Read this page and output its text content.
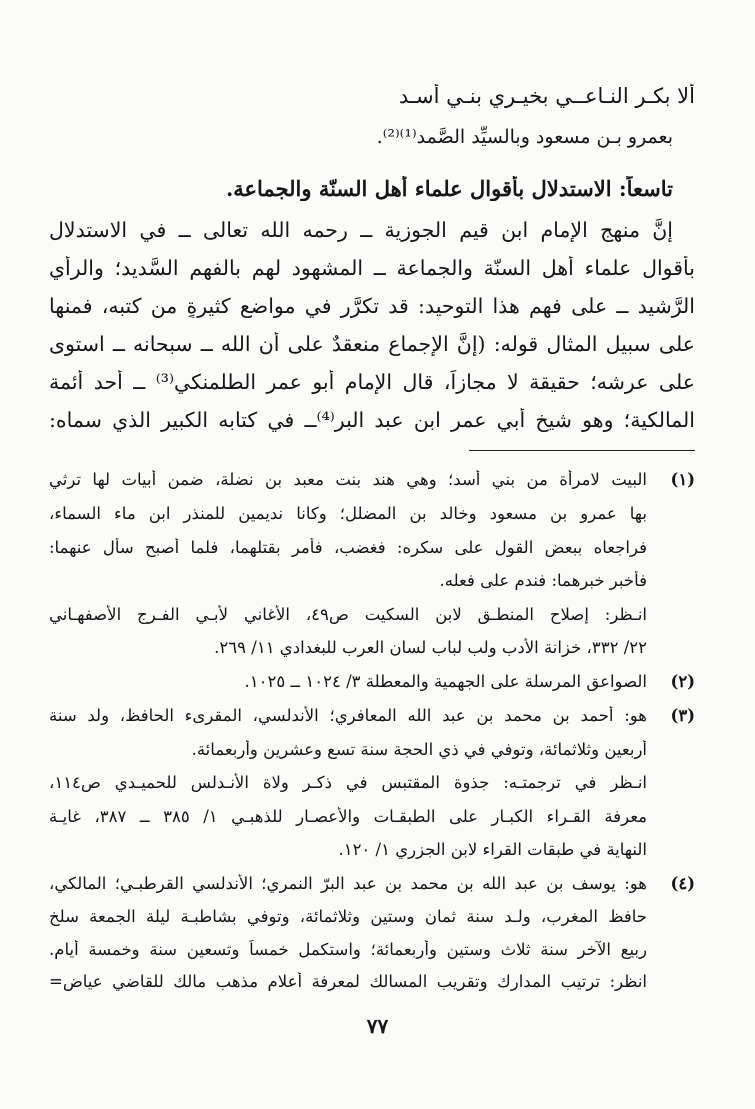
ألا بكـر النـاعــي بخيـري بنـي أسـد
بعمرو بـن مسعود وبالسيِّد الصَّمد⁽¹⁾⁽²⁾.
تاسعاً: الاستدلال بأقوال علماء أهل السنّة والجماعة.
إنَّ منهج الإمام ابن قيم الجوزية ــ رحمه الله تعالى ــ في الاستدلال
بأقوال علماء أهل السنّة والجماعة ــ المشهود لهم بالفهم السَّديد؛ والرأي
الرَّشيد ــ على فهم هذا التوحيد: قد تكرَّر في مواضع كثيرةٍ من كتبه، فمنها
على سبيل المثال قوله: (إنَّ الإجماع منعقدٌ على أن الله ــ سبحانه ــ استوى
على عرشه؛ حقيقة لا مجازاً، قال الإمام أبو عمر الطلمنكي⁽³⁾ ــ أحد أئمة
المالكية؛ وهو شيخ أبي عمر ابن عبد البر⁽⁴⁾ــ في كتابه الكبير الذي سماه:
(١)
البيت لامرأة من بني أسد؛ وهي هند بنت معبد بن نضلة، ضمن أبيات لها ترثي
بها عمرو بن مسعود وخالد بن المضلل؛ وكانا نديمين للمنذر ابن ماء السماء،
فراجعاه ببعض القول على سكره: فغضب، فأمر بقتلهما، فلما أصبح سأل عنهما:
فأُخبر خبرهما: فندم على فعله.
انـظر: إصلاح المنطـق لابن السكيت ص٤٩، الأغاني لأبـي الفـرج الأصفهـاني
٢٢/ ٣٣٢، خزانة الأدب ولب لباب لسان العرب للبغدادي ١١/ ٢٦٩.
(٢)
الصواعق المرسلة على الجهمية والمعطلة ٣/ ١٠٢٤ ــ ١٠٢٥.
(٣)
هو: أحمد بن محمد بن عبد الله المعافري؛ الأندلسي، المقرىء الحافظ، ولد سنة
أربعين وثلاثمائة، وتوفي في ذي الحجة سنة تسع وعشرين وأربعمائة.
انـظر في ترجمتـه: جذوة المقتبس في ذكـر ولاة الأنـدلس للحميـدي ص١١٤،
معرفة القـراء الكبـار على الطبقـات والأعصـار للذهبـي ١/ ٣٨٥ ــ ٣٨٧، غايـة
النهاية في طبقات القراء لابن الجزري ١/ ١٢٠.
(٤)
هو: يوسف بن عبد الله بن محمد بن عبد البرّ النمري؛ الأندلسي القرطبـي؛ المالكي،
حافظ المغرب، ولـد سنة ثمان وستين وثلاثمائة، وتوفي بشاطبـة ليلة الجمعة سلخ
ربيع الآخر سنة ثلاث وستين وأربعمائة؛ واستكمل خمساً وتسعين سنة وخمسة أيام.
انظر: ترتيب المدارك وتقريب المسالك لمعرفة أعلام مذهب مالك للقاضي عياض=
٧٧
